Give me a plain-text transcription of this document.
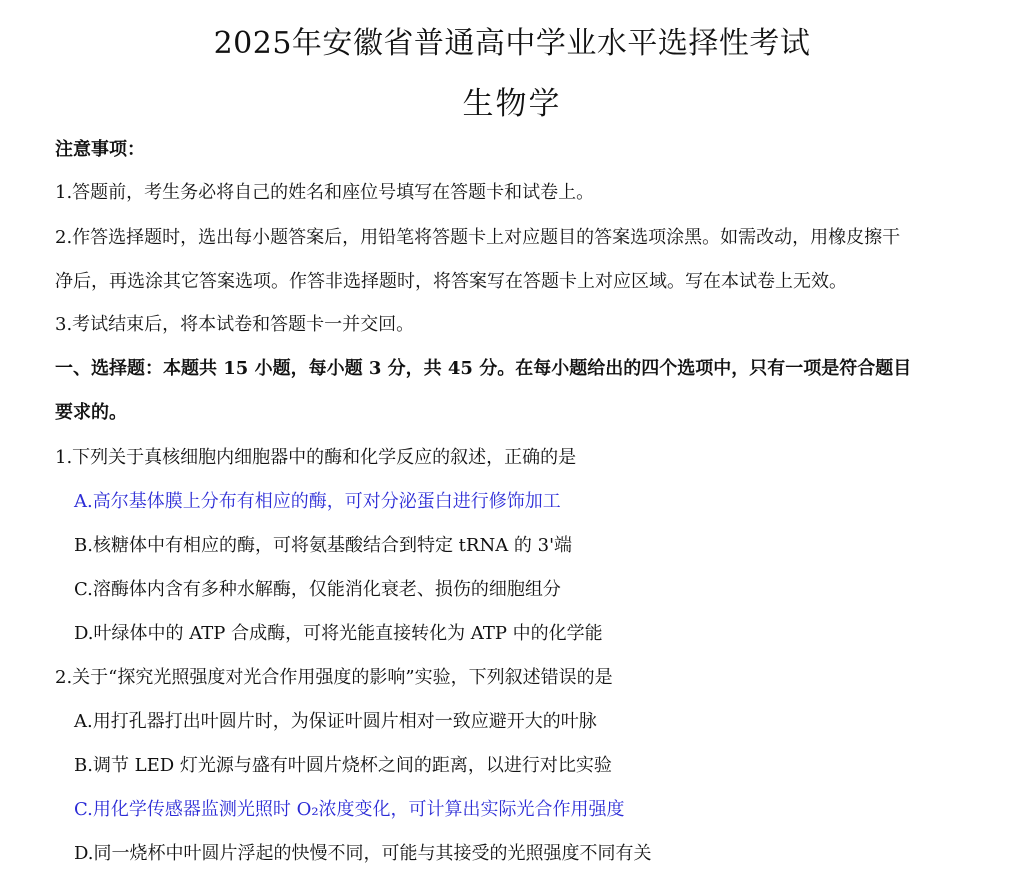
2025年安徽省普通高中学业水平选择性考试
生物学
注意事项：
1.答题前，考生务必将自己的姓名和座位号填写在答题卡和试卷上。
2.作答选择题时，选出每小题答案后，用铅笔将答题卡上对应题目的答案选项涂黑。如需改动，用橡皮擦干
净后，再选涂其它答案选项。作答非选择题时，将答案写在答题卡上对应区域。写在本试卷上无效。
3.考试结束后，将本试卷和答题卡一并交回。
一、选择题：本题共 15 小题，每小题 3 分，共 45 分。在每小题给出的四个选项中，只有一项是符合题目
要求的。
1.下列关于真核细胞内细胞器中的酶和化学反应的叙述，正确的是
A.高尔基体膜上分布有相应的酶，可对分泌蛋白进行修饰加工
B.核糖体中有相应的酶，可将氨基酸结合到特定 tRNA 的 3'端
C.溶酶体内含有多种水解酶，仅能消化衰老、损伤的细胞组分
D.叶绿体中的 ATP 合成酶，可将光能直接转化为 ATP 中的化学能
2.关于“探究光照强度对光合作用强度的影响”实验，下列叙述错误的是
A.用打孔器打出叶圆片时，为保证叶圆片相对一致应避开大的叶脉
B.调节 LED 灯光源与盛有叶圆片烧杯之间的距离，以进行对比实验
C.用化学传感器监测光照时 O₂浓度变化，可计算出实际光合作用强度
D.同一烧杯中叶圆片浮起的快慢不同，可能与其接受的光照强度不同有关
